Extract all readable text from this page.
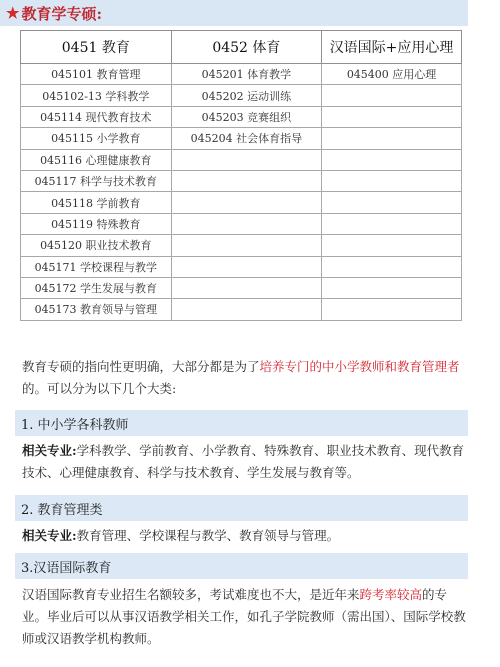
★ 教育学专硕:
0451 教育	0452 体育	汉语国际+应用心理
045101 教育管理	045201 体育教学	045400 应用心理
045102-13 学科教学	045202 运动训练	
045114 现代教育技术	045203 竞赛组织	
045115 小学教育	045204 社会体育指导	
045116 心理健康教育		
045117 科学与技术教育		
045118 学前教育		
045119 特殊教育		
045120 职业技术教育		
045171 学校课程与教学		
045172 学生发展与教育		
045173 教育领导与管理		
教育专硕的指向性更明确，大部分都是为了培养专门的中小学教师和教育管理者的。可以分为以下几个大类:
1. 中小学各科教师
相关专业:学科教学、学前教育、小学教育、特殊教育、职业技术教育、现代教育技术、心理健康教育、科学与技术教育、学生发展与教育等。
2. 教育管理类
相关专业:教育管理、学校课程与教学、教育领导与管理。
3.汉语国际教育
汉语国际教育专业招生名额较多，考试难度也不大，是近年来跨考率较高的专业。毕业后可以从事汉语教学相关工作，如孔子学院教师（需出国）、国际学校教师或汉语教学机构教师。
